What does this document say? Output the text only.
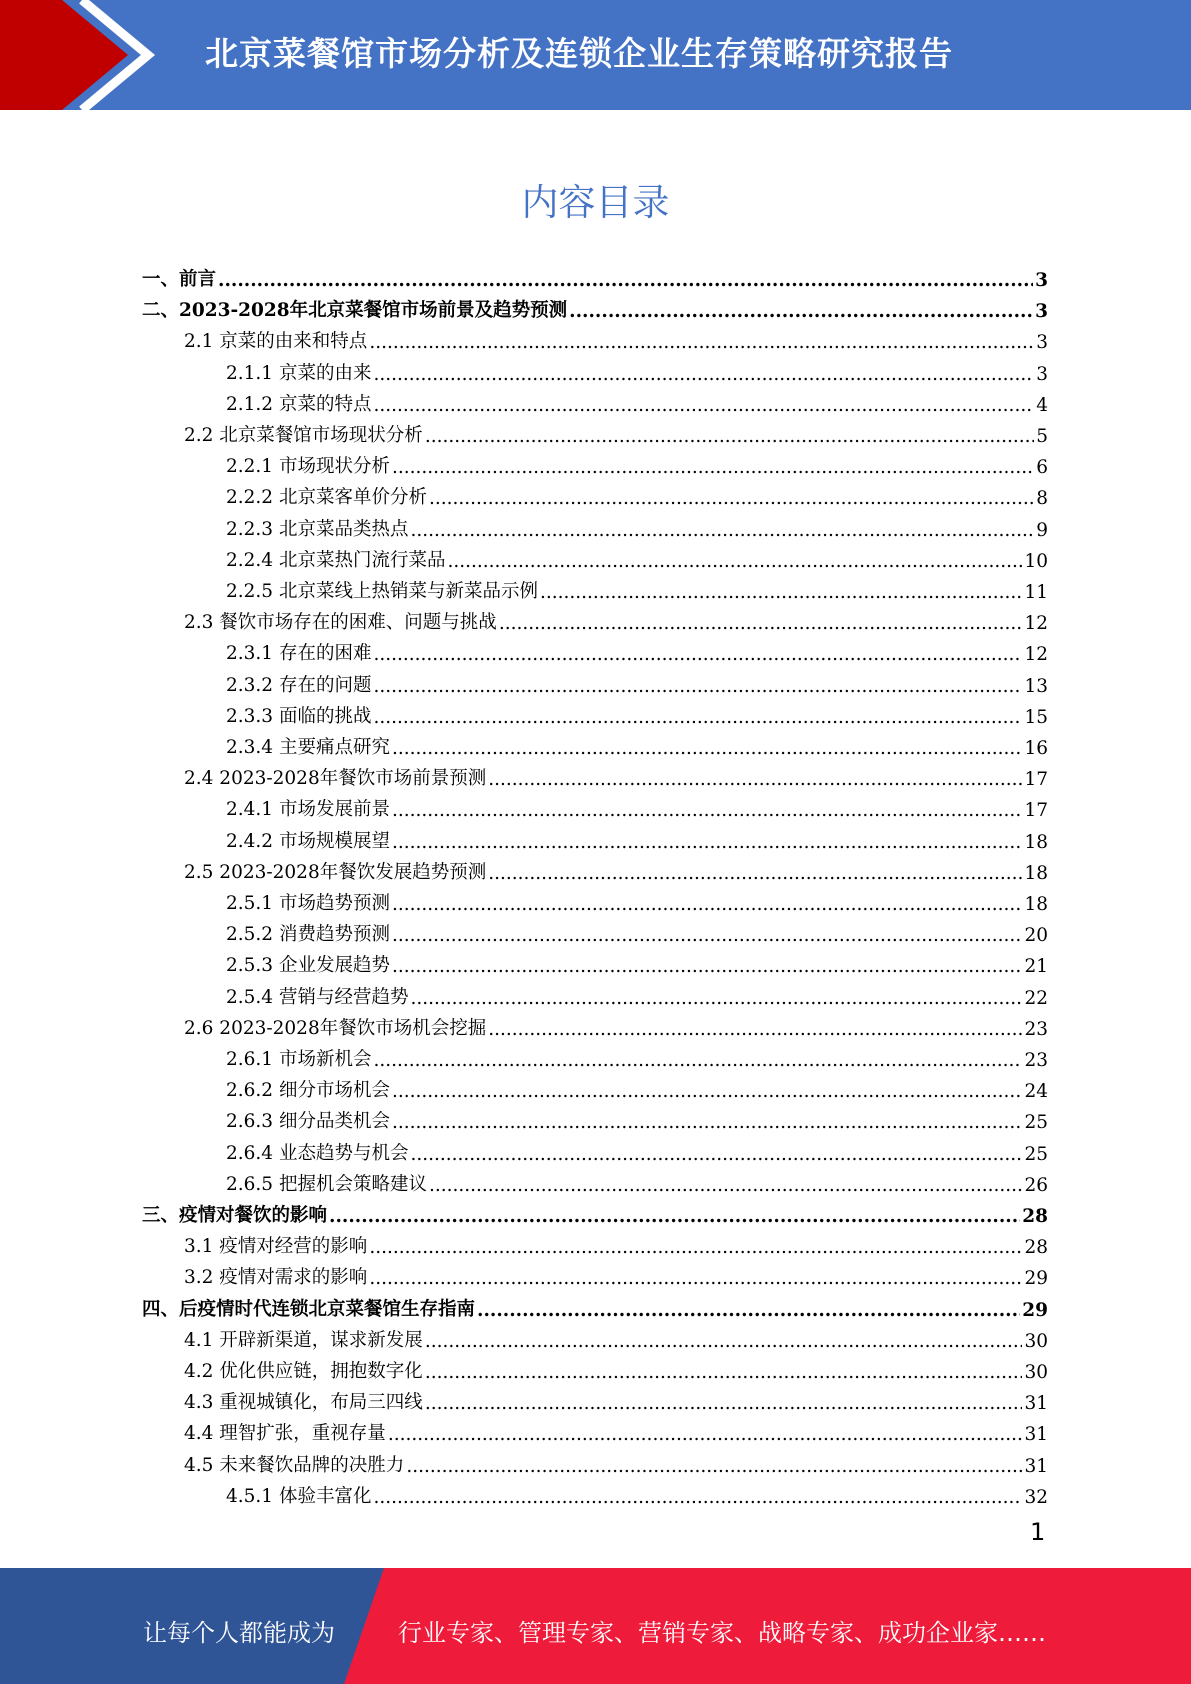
北京菜餐馆市场分析及连锁企业生存策略研究报告
内容目录
一、前言 .....	3
二、2023-2028年北京菜餐馆市场前景及趋势预测 .....	3
2.1 京菜的由来和特点 .....	3
2.1.1 京菜的由来 .....	3
2.1.2 京菜的特点 .....	4
2.2 北京菜餐馆市场现状分析 .....	5
2.2.1 市场现状分析 .....	6
2.2.2 北京菜客单价分析 .....	8
2.2.3 北京菜品类热点 .....	9
2.2.4 北京菜热门流行菜品 .....	10
2.2.5 北京菜线上热销菜与新菜品示例 .....	11
2.3 餐饮市场存在的困难、问题与挑战 .....	12
2.3.1 存在的困难 .....	12
2.3.2 存在的问题 .....	13
2.3.3 面临的挑战 .....	15
2.3.4 主要痛点研究 .....	16
2.4 2023-2028年餐饮市场前景预测 .....	17
2.4.1 市场发展前景 .....	17
2.4.2 市场规模展望 .....	18
2.5 2023-2028年餐饮发展趋势预测 .....	18
2.5.1 市场趋势预测 .....	18
2.5.2 消费趋势预测 .....	20
2.5.3 企业发展趋势 .....	21
2.5.4 营销与经营趋势 .....	22
2.6 2023-2028年餐饮市场机会挖掘 .....	23
2.6.1 市场新机会 .....	23
2.6.2 细分市场机会 .....	24
2.6.3 细分品类机会 .....	25
2.6.4 业态趋势与机会 .....	25
2.6.5 把握机会策略建议 .....	26
三、疫情对餐饮的影响 .....	28
3.1 疫情对经营的影响 .....	28
3.2 疫情对需求的影响 .....	29
四、后疫情时代连锁北京菜餐馆生存指南 .....	29
4.1 开辟新渠道，谋求新发展 .....	30
4.2 优化供应链，拥抱数字化 .....	30
4.3 重视城镇化，布局三四线 .....	31
4.4 理智扩张，重视存量 .....	31
4.5 未来餐饮品牌的决胜力 .....	31
4.5.1 体验丰富化 .....	32
1
让每个人都能成为	行业专家、管理专家、营销专家、战略专家、成功企业家……
